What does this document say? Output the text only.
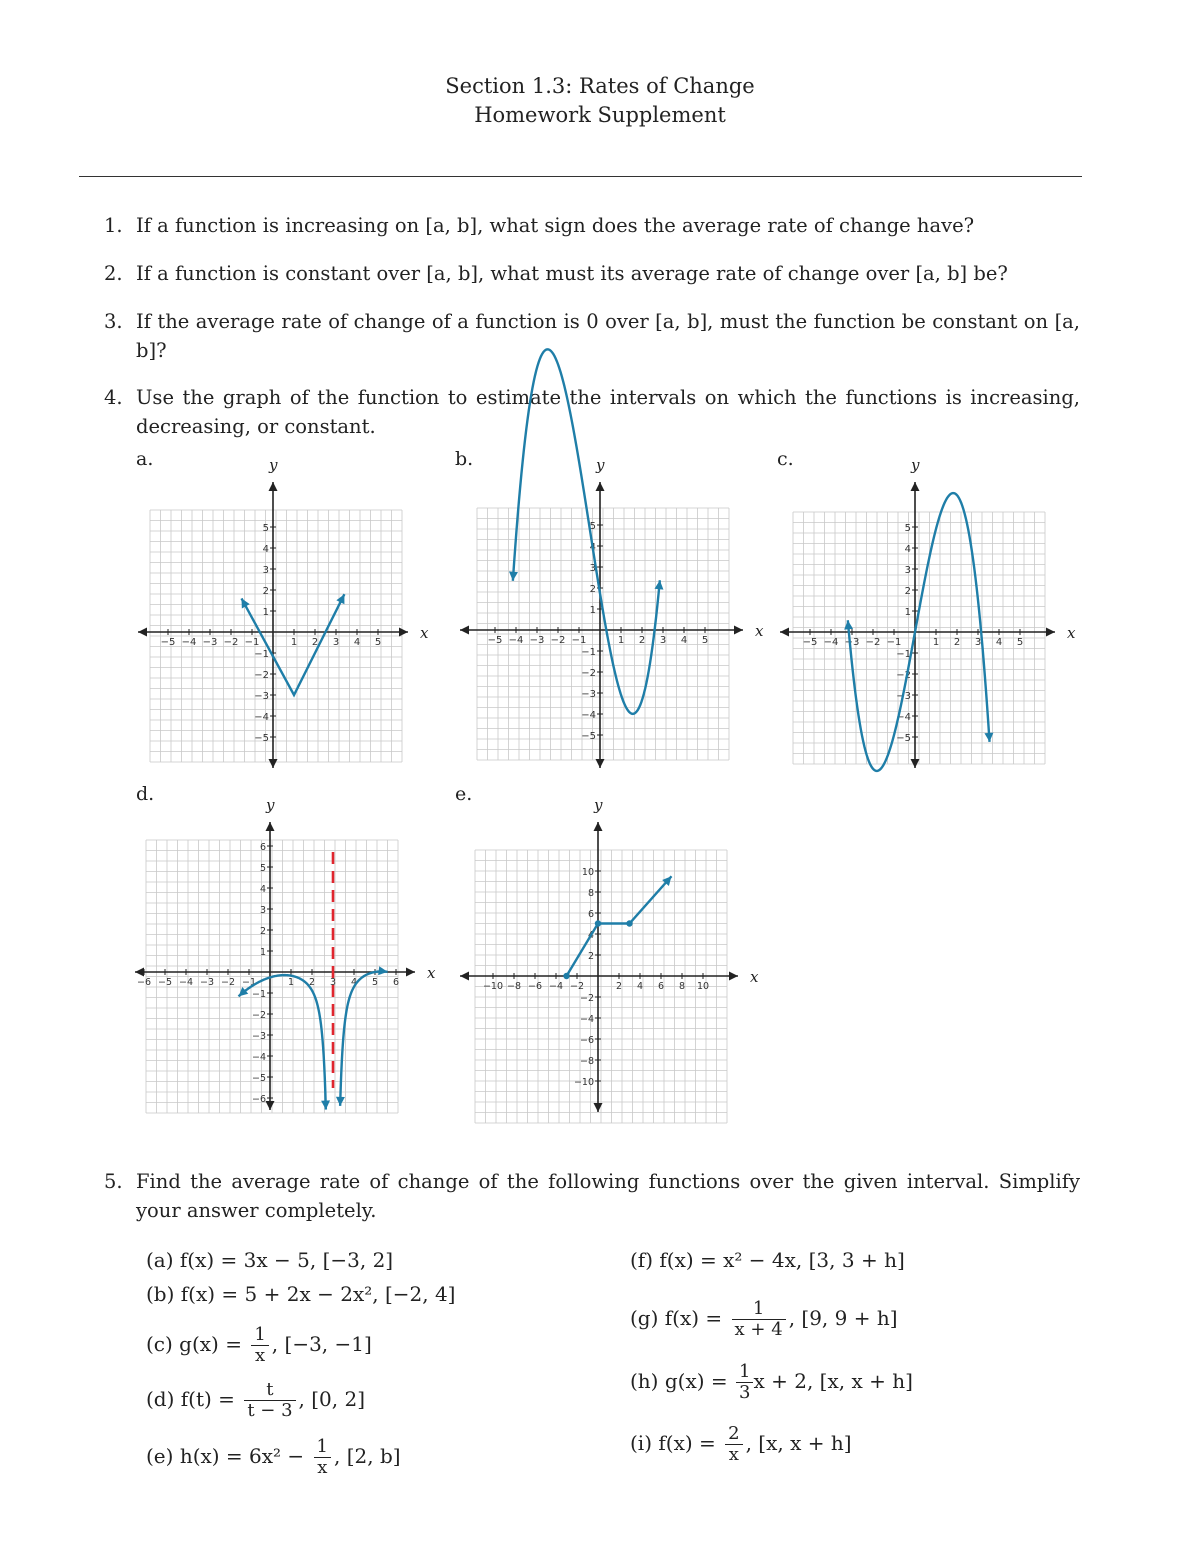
Section 1.3: Rates of Change
Homework Supplement
1. If a function is increasing on [a, b], what sign does the average rate of change have?
2. If a function is constant over [a, b], what must its average rate of change over [a, b] be?
3. If the average rate of change of a function is 0 over [a, b], must the function be constant on [a, b]?
4. Use the graph of the function to estimate the intervals on which the functions is increasing, decreasing, or constant.
a.	b.	c.
d.	e.
x
y
−5 −4 −3 −2 −1	1 2 3 4 5
−5
−4
−3
−2
−1
1
2
3
4
5
x
y
−5 −4 −3 −2 −1	1 2 3 4 5
−5
−4
−3
−2
−1
1
2
3
4
5
x
y
−5 −4 −3 −2 −1	1 2 3 4 5
−5
−4
−3
−2
−1
1
2
3
4
5
x
y
−6 −5 −4 −3 −2 −1	1 2 3 4 5 6
−6
−5
−4
−3
−2
−1
1
2
3
4
5
6
x
y
−10 −8 −6 −4 −2	2 4 6 8 10
−10
−8
−6
−4
−2
2
4
6
8
10
5. Find the average rate of change of the following functions over the given interval. Simplify your answer completely.
(a) f(x) = 3x − 5, [−3, 2]
(b) f(x) = 5 + 2x − 2x², [−2, 4]
(c) $g(x) = \frac{1}{x}$ , [−3, −1]
(d) $f(t) = \frac{t}{t - 3}$ , [0, 2]
(e) $h(x) = 6x^2 - \frac{1}{x}$ , [2, b]
(f) f(x) = x² − 4x, [3, 3 + h]
(g) $f(x) = \frac{1}{x + 4}$ , [9, 9 + h]
(h) $g(x) = \frac{1}{3}$ x + 2, [x, x + h]
(i) $f(x) = \frac{2}{x}$ , [x, x + h]
